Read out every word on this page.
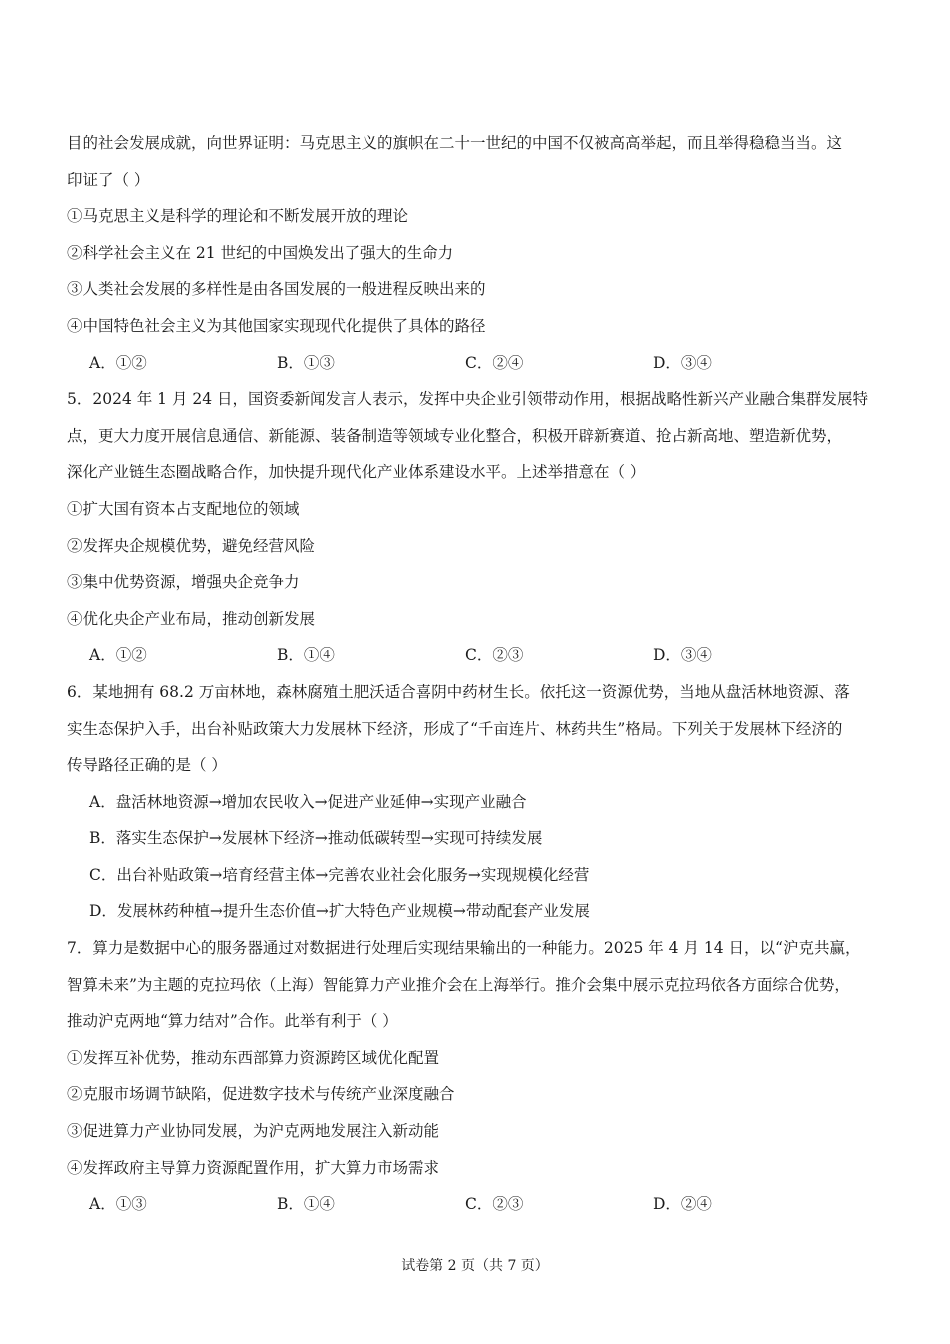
目的社会发展成就，向世界证明：马克思主义的旗帜在二十一世纪的中国不仅被高高举起，而且举得稳稳当当。这
印证了（ ）
①马克思主义是科学的理论和不断发展开放的理论
②科学社会主义在 21 世纪的中国焕发出了强大的生命力
③人类社会发展的多样性是由各国发展的一般进程反映出来的
④中国特色社会主义为其他国家实现现代化提供了具体的路径
A．①②	B．①③	C．②④	D．③④
5．2024 年 1 月 24 日，国资委新闻发言人表示，发挥中央企业引领带动作用，根据战略性新兴产业融合集群发展特
点，更大力度开展信息通信、新能源、装备制造等领域专业化整合，积极开辟新赛道、抢占新高地、塑造新优势，
深化产业链生态圈战略合作，加快提升现代化产业体系建设水平。上述举措意在（ ）
①扩大国有资本占支配地位的领域
②发挥央企规模优势，避免经营风险
③集中优势资源，增强央企竞争力
④优化央企产业布局，推动创新发展
A．①②	B．①④	C．②③	D．③④
6．某地拥有 68.2 万亩林地，森林腐殖土肥沃适合喜阴中药材生长。依托这一资源优势，当地从盘活林地资源、落
实生态保护入手，出台补贴政策大力发展林下经济，形成了“千亩连片、林药共生”格局。下列关于发展林下经济的
传导路径正确的是（ ）
A．盘活林地资源→增加农民收入→促进产业延伸→实现产业融合
B．落实生态保护→发展林下经济→推动低碳转型→实现可持续发展
C．出台补贴政策→培育经营主体→完善农业社会化服务→实现规模化经营
D．发展林药种植→提升生态价值→扩大特色产业规模→带动配套产业发展
7．算力是数据中心的服务器通过对数据进行处理后实现结果输出的一种能力。2025 年 4 月 14 日，以“沪克共赢，
智算未来”为主题的克拉玛依（上海）智能算力产业推介会在上海举行。推介会集中展示克拉玛依各方面综合优势，
推动沪克两地“算力结对”合作。此举有利于（ ）
①发挥互补优势，推动东西部算力资源跨区域优化配置
②克服市场调节缺陷，促进数字技术与传统产业深度融合
③促进算力产业协同发展，为沪克两地发展注入新动能
④发挥政府主导算力资源配置作用，扩大算力市场需求
A．①③	B．①④	C．②③	D．②④
试卷第 2 页（共 7 页）
